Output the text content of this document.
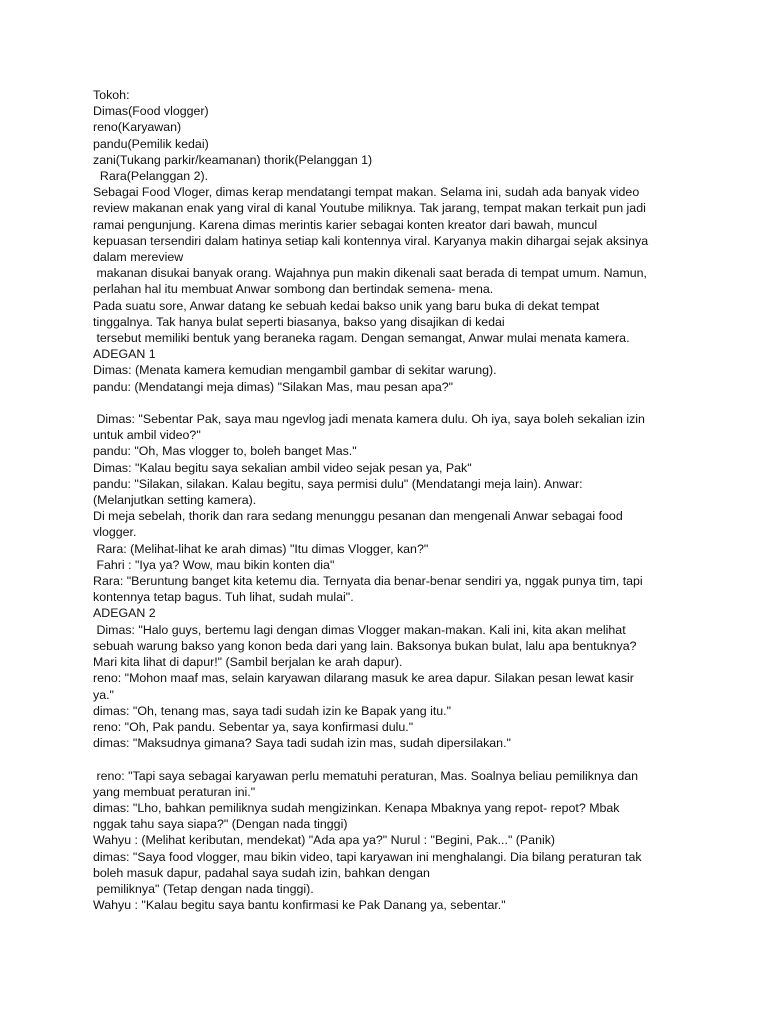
Tokoh:
Dimas(Food vlogger)
reno(Karyawan)
pandu(Pemilik kedai)
zani(Tukang parkir/keamanan) thorik(Pelanggan 1)
Rara(Pelanggan 2).
Sebagai Food Vloger, dimas kerap mendatangi tempat makan. Selama ini, sudah ada banyak video
review makanan enak yang viral di kanal Youtube miliknya. Tak jarang, tempat makan terkait pun jadi
ramai pengunjung. Karena dimas merintis karier sebagai konten kreator dari bawah, muncul
kepuasan tersendiri dalam hatinya setiap kali kontennya viral. Karyanya makin dihargai sejak aksinya
dalam mereview
makanan disukai banyak orang. Wajahnya pun makin dikenali saat berada di tempat umum. Namun,
perlahan hal itu membuat Anwar sombong dan bertindak semena- mena.
Pada suatu sore, Anwar datang ke sebuah kedai bakso unik yang baru buka di dekat tempat
tinggalnya. Tak hanya bulat seperti biasanya, bakso yang disajikan di kedai
tersebut memiliki bentuk yang beraneka ragam. Dengan semangat, Anwar mulai menata kamera.
ADEGAN 1
Dimas: (Menata kamera kemudian mengambil gambar di sekitar warung).
pandu: (Mendatangi meja dimas) "Silakan Mas, mau pesan apa?"
Dimas: "Sebentar Pak, saya mau ngevlog jadi menata kamera dulu. Oh iya, saya boleh sekalian izin
untuk ambil video?"
pandu: "Oh, Mas vlogger to, boleh banget Mas."
Dimas: "Kalau begitu saya sekalian ambil video sejak pesan ya, Pak"
pandu: "Silakan, silakan. Kalau begitu, saya permisi dulu" (Mendatangi meja lain). Anwar:
(Melanjutkan setting kamera).
Di meja sebelah, thorik dan rara sedang menunggu pesanan dan mengenali Anwar sebagai food
vlogger.
Rara: (Melihat-lihat ke arah dimas) "Itu dimas Vlogger, kan?"
Fahri : "Iya ya? Wow, mau bikin konten dia"
Rara: "Beruntung banget kita ketemu dia. Ternyata dia benar-benar sendiri ya, nggak punya tim, tapi
kontennya tetap bagus. Tuh lihat, sudah mulai".
ADEGAN 2
Dimas: "Halo guys, bertemu lagi dengan dimas Vlogger makan-makan. Kali ini, kita akan melihat
sebuah warung bakso yang konon beda dari yang lain. Baksonya bukan bulat, lalu apa bentuknya?
Mari kita lihat di dapur!" (Sambil berjalan ke arah dapur).
reno: "Mohon maaf mas, selain karyawan dilarang masuk ke area dapur. Silakan pesan lewat kasir
ya."
dimas: "Oh, tenang mas, saya tadi sudah izin ke Bapak yang itu."
reno: "Oh, Pak pandu. Sebentar ya, saya konfirmasi dulu."
dimas: "Maksudnya gimana? Saya tadi sudah izin mas, sudah dipersilakan."
reno: "Tapi saya sebagai karyawan perlu mematuhi peraturan, Mas. Soalnya beliau pemiliknya dan
yang membuat peraturan ini."
dimas: "Lho, bahkan pemiliknya sudah mengizinkan. Kenapa Mbaknya yang repot- repot? Mbak
nggak tahu saya siapa?" (Dengan nada tinggi)
Wahyu : (Melihat keributan, mendekat) "Ada apa ya?" Nurul : "Begini, Pak..." (Panik)
dimas: "Saya food vlogger, mau bikin video, tapi karyawan ini menghalangi. Dia bilang peraturan tak
boleh masuk dapur, padahal saya sudah izin, bahkan dengan
pemiliknya" (Tetap dengan nada tinggi).
Wahyu : "Kalau begitu saya bantu konfirmasi ke Pak Danang ya, sebentar."
